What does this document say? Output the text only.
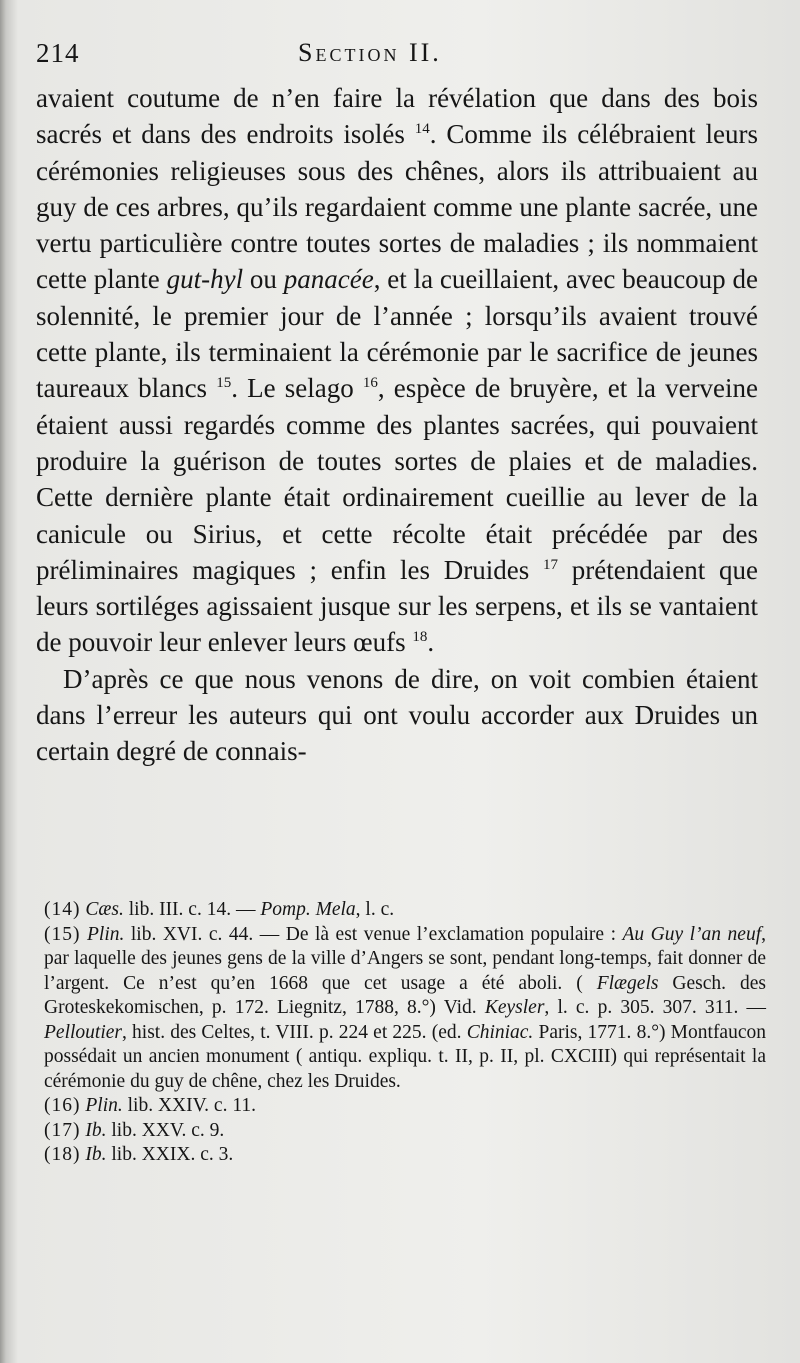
214	Section II.

avaient coutume de n’en faire la révélation que dans des bois sacrés et dans des endroits isolés $^{14}$. Comme ils célébraient leurs cérémonies religieuses sous des chênes, alors ils attribuaient au guy de ces arbres, qu’ils regardaient comme une plante sacrée, une vertu particulière contre toutes sortes de maladies ; ils nommaient cette plante gut-hyl ou panacée, et la cueillaient, avec beaucoup de solennité, le premier jour de l’année ; lorsqu’ils avaient trouvé cette plante, ils terminaient la cérémonie par le sacrifice de jeunes taureaux blancs $^{15}$. Le selago $^{16}$, espèce de bruyère, et la verveine étaient aussi regardés comme des plantes sacrées, qui pouvaient produire la guérison de toutes sortes de plaies et de maladies. Cette dernière plante était ordinairement cueillie au lever de la canicule ou Sirius, et cette récolte était précédée par des préliminaires magiques ; enfin les Druides $^{17}$ prétendaient que leurs sortiléges agissaient jusque sur les serpens, et ils se vantaient de pouvoir leur enlever leurs œufs $^{18}$.

D’après ce que nous venons de dire, on voit combien étaient dans l’erreur les auteurs qui ont voulu accorder aux Druides un certain degré de connais-

(14) Cæs. lib. III. c. 14. — Pomp. Mela, l. c.

(15) Plin. lib. XVI. c. 44. — De là est venue l’exclamation populaire : Au Guy l’an neuf, par laquelle des jeunes gens de la ville d’Angers se sont, pendant long-temps, fait donner de l’argent. Ce n’est qu’en 1668 que cet usage a été aboli. ( Flægels Gesch. des Groteskekomischen, p. 172. Liegnitz, 1788, 8.°) Vid. Keysler, l. c. p. 305. 307. 311. — Pelloutier, hist. des Celtes, t. VIII. p. 224 et 225. (ed. Chiniac. Paris, 1771. 8.°) Montfaucon possédait un ancien monument ( antiqu. expliqu. t. II, p. II, pl. CXCIII) qui représentait la cérémonie du guy de chêne, chez les Druides.

(16) Plin. lib. XXIV. c. 11.

(17) Ib. lib. XXV. c. 9.

(18) Ib. lib. XXIX. c. 3.
